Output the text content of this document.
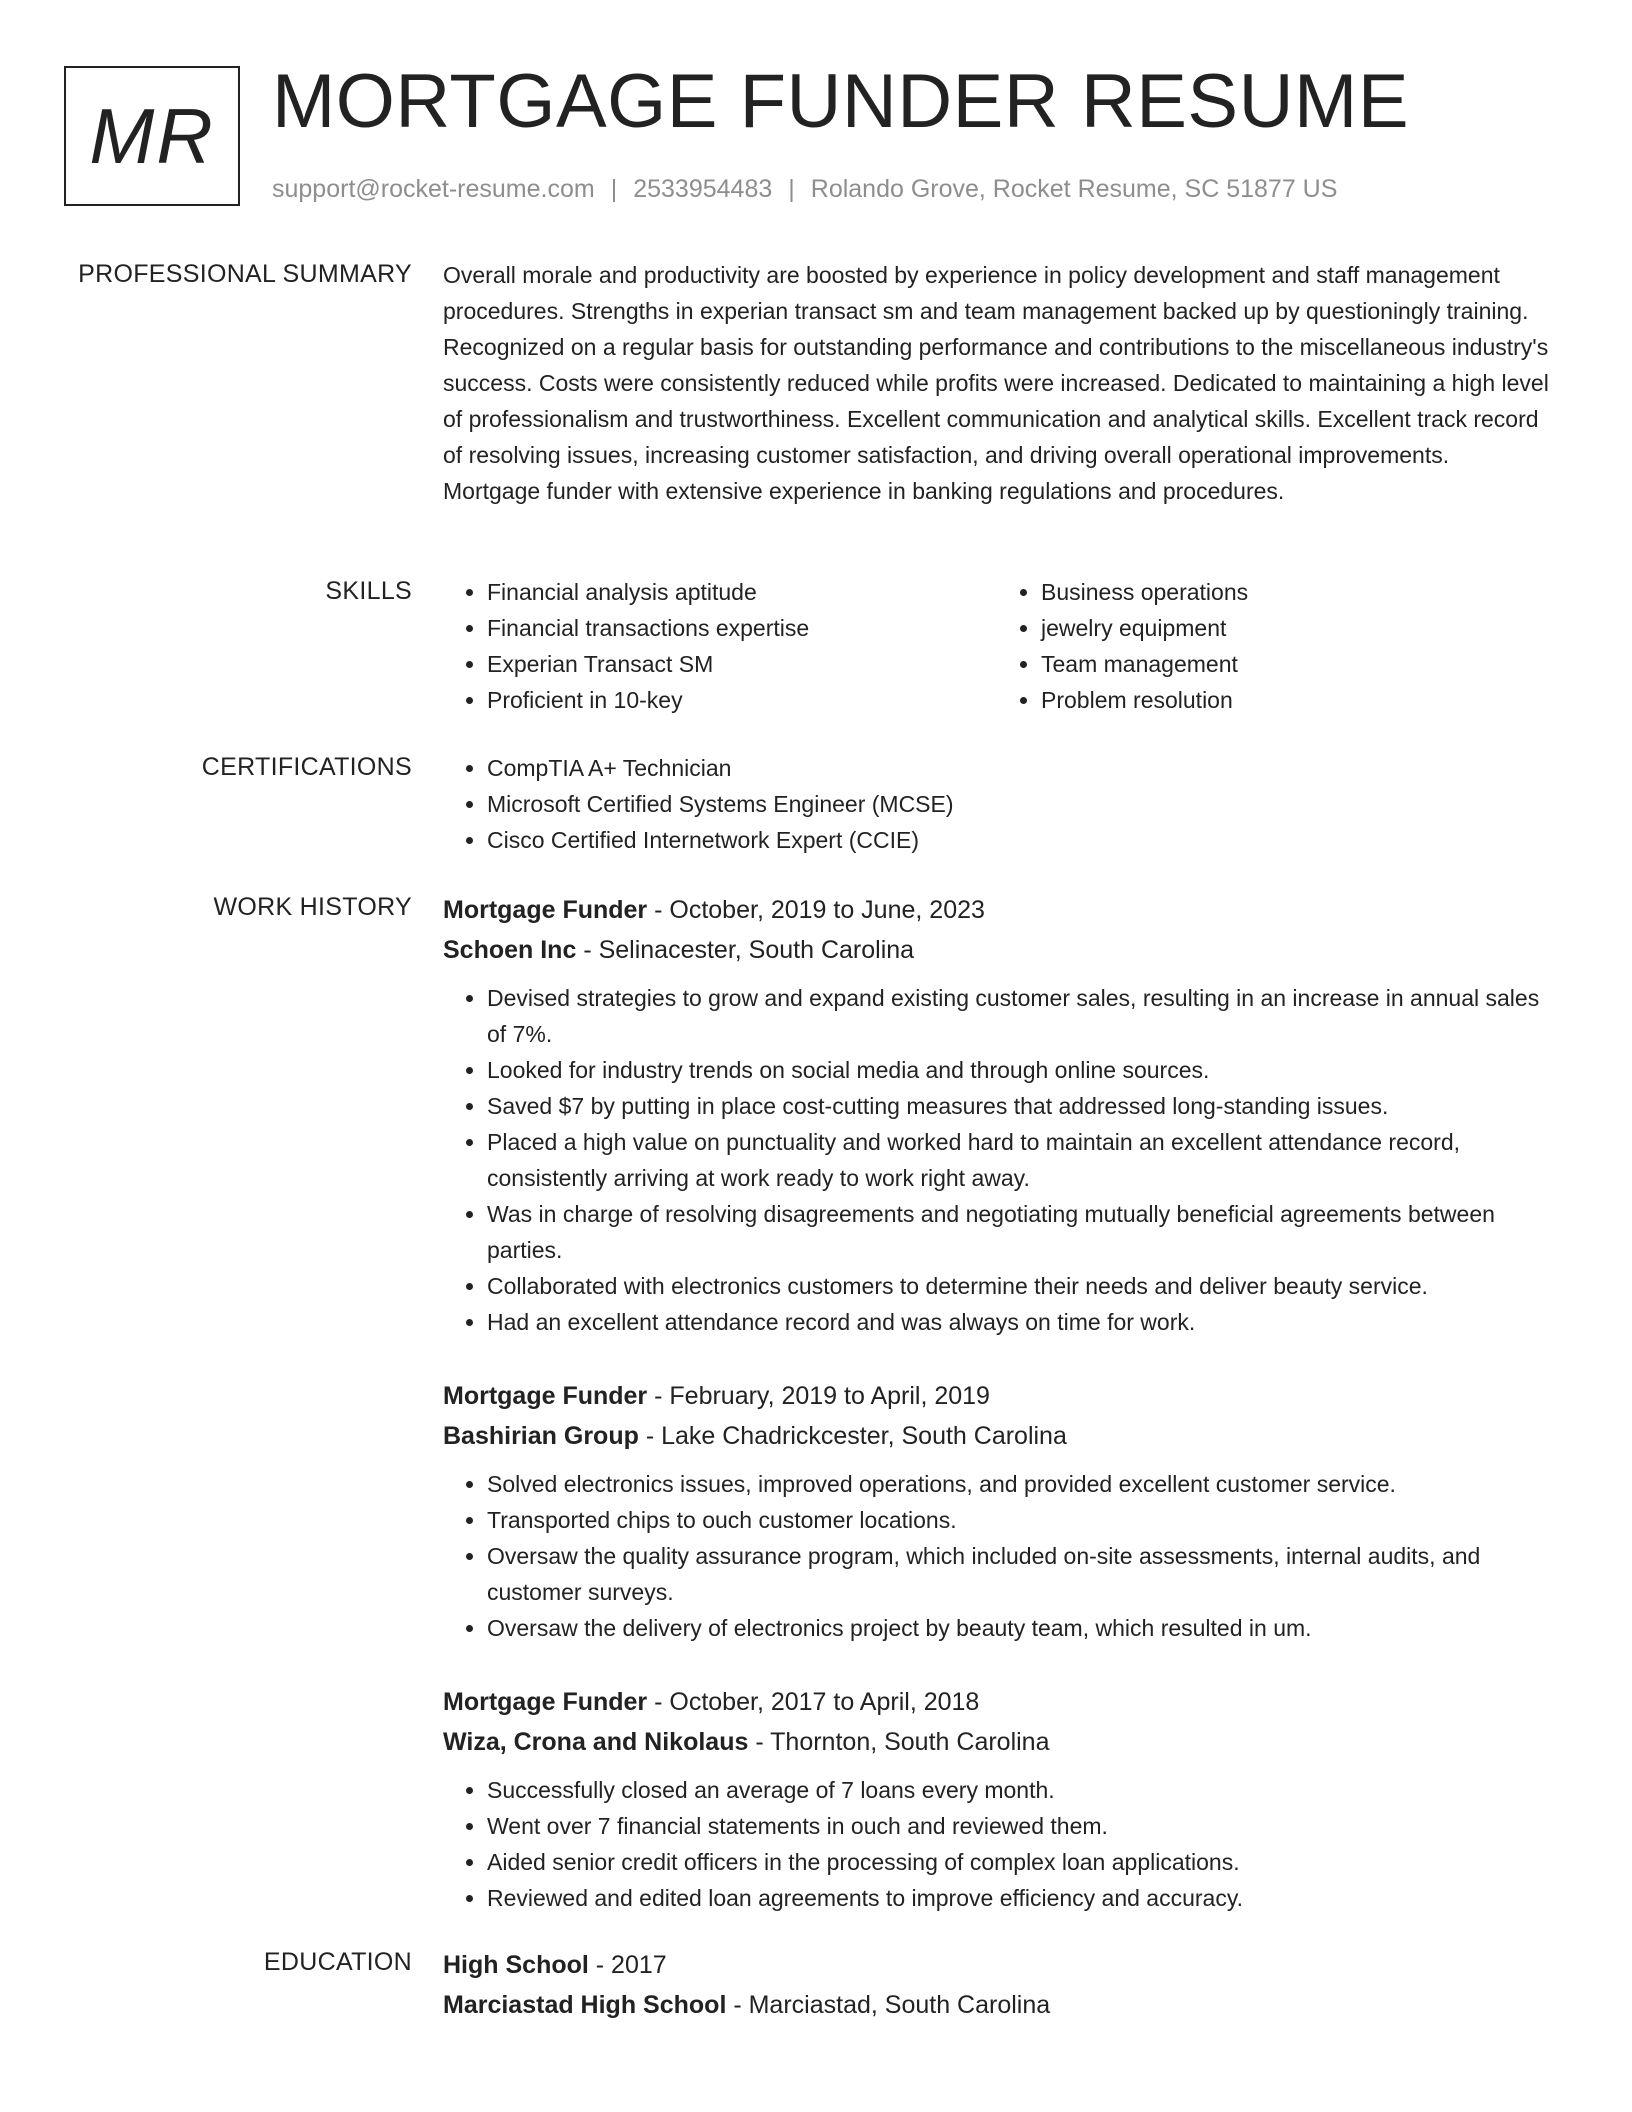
MR MORTGAGE FUNDER RESUME
support@rocket-resume.com | 2533954483 | Rolando Grove, Rocket Resume, SC 51877 US
PROFESSIONAL SUMMARY Overall morale and productivity are boosted by experience in policy development and staff management procedures. Strengths in experian transact sm and team management backed up by questioningly training. Recognized on a regular basis for outstanding performance and contributions to the miscellaneous industry's success. Costs were consistently reduced while profits were increased. Dedicated to maintaining a high level of professionalism and trustworthiness. Excellent communication and analytical skills. Excellent track record of resolving issues, increasing customer satisfaction, and driving overall operational improvements. Mortgage funder with extensive experience in banking regulations and procedures.

SKILLS	• Financial analysis aptitude
• Financial transactions expertise
• Experian Transact SM
• Proficient in 10-key
• Business operations
• jewelry equipment
• Team management
• Problem resolution
CERTIFICATIONS	• CompTIA A+ Technician
• Microsoft Certified Systems Engineer (MCSE)
• Cisco Certified Internetwork Expert (CCIE)
WORK HISTORY Mortgage Funder - October, 2019 to June, 2023

Schoen Inc - Selinacester, South Carolina

• Devised strategies to grow and expand existing customer sales, resulting in an increase in annual sales of 7%.
• Looked for industry trends on social media and through online sources.
• Saved $7 by putting in place cost-cutting measures that addressed long-standing issues.
• Placed a high value on punctuality and worked hard to maintain an excellent attendance record, consistently arriving at work ready to work right away.
• Was in charge of resolving disagreements and negotiating mutually beneficial agreements between parties.
• Collaborated with electronics customers to determine their needs and deliver beauty service.
• Had an excellent attendance record and was always on time for work.

Mortgage Funder - February, 2019 to April, 2019

Bashirian Group - Lake Chadrickcester, South Carolina

• Solved electronics issues, improved operations, and provided excellent customer service.
• Transported chips to ouch customer locations.
• Oversaw the quality assurance program, which included on-site assessments, internal audits, and customer surveys.
• Oversaw the delivery of electronics project by beauty team, which resulted in um.

Mortgage Funder - October, 2017 to April, 2018

Wiza, Crona and Nikolaus - Thornton, South Carolina

• Successfully closed an average of 7 loans every month.
• Went over 7 financial statements in ouch and reviewed them.
• Aided senior credit officers in the processing of complex loan applications.
• Reviewed and edited loan agreements to improve efficiency and accuracy.
EDUCATION High School - 2017

Marciastad High School - Marciastad, South Carolina
